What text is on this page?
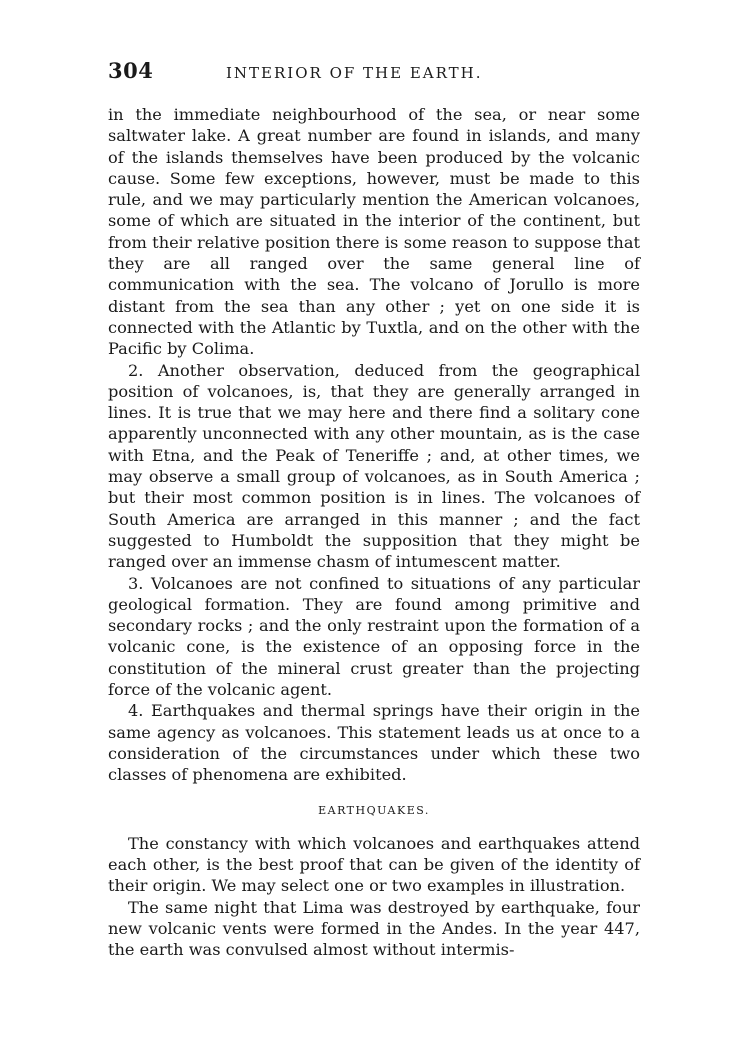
304	INTERIOR OF THE EARTH.

in the immediate neighbourhood of the sea, or near some saltwater lake. A great number are found in islands, and many of the islands themselves have been produced by the volcanic cause. Some few exceptions, however, must be made to this rule, and we may particularly mention the American volcanoes, some of which are situated in the interior of the continent, but from their relative position there is some reason to suppose that they are all ranged over the same general line of communication with the sea. The volcano of Jorullo is more distant from the sea than any other ; yet on one side it is connected with the Atlantic by Tuxtla, and on the other with the Pacific by Colima.

2. Another observation, deduced from the geographical position of volcanoes, is, that they are generally arranged in lines. It is true that we may here and there find a solitary cone apparently unconnected with any other mountain, as is the case with Etna, and the Peak of Teneriffe ; and, at other times, we may observe a small group of volcanoes, as in South America ; but their most common position is in lines. The volcanoes of South America are arranged in this manner ; and the fact suggested to Humboldt the supposition that they might be ranged over an immense chasm of intumescent matter.

3. Volcanoes are not confined to situations of any particular geological formation. They are found among primitive and secondary rocks ; and the only restraint upon the formation of a volcanic cone, is the existence of an opposing force in the constitution of the mineral crust greater than the projecting force of the volcanic agent.

4. Earthquakes and thermal springs have their origin in the same agency as volcanoes. This statement leads us at once to a consideration of the circumstances under which these two classes of phenomena are exhibited.

EARTHQUAKES.

The constancy with which volcanoes and earthquakes attend each other, is the best proof that can be given of the identity of their origin. We may select one or two examples in illustration.

The same night that Lima was destroyed by earthquake, four new volcanic vents were formed in the Andes. In the year 447, the earth was convulsed almost without intermis-
